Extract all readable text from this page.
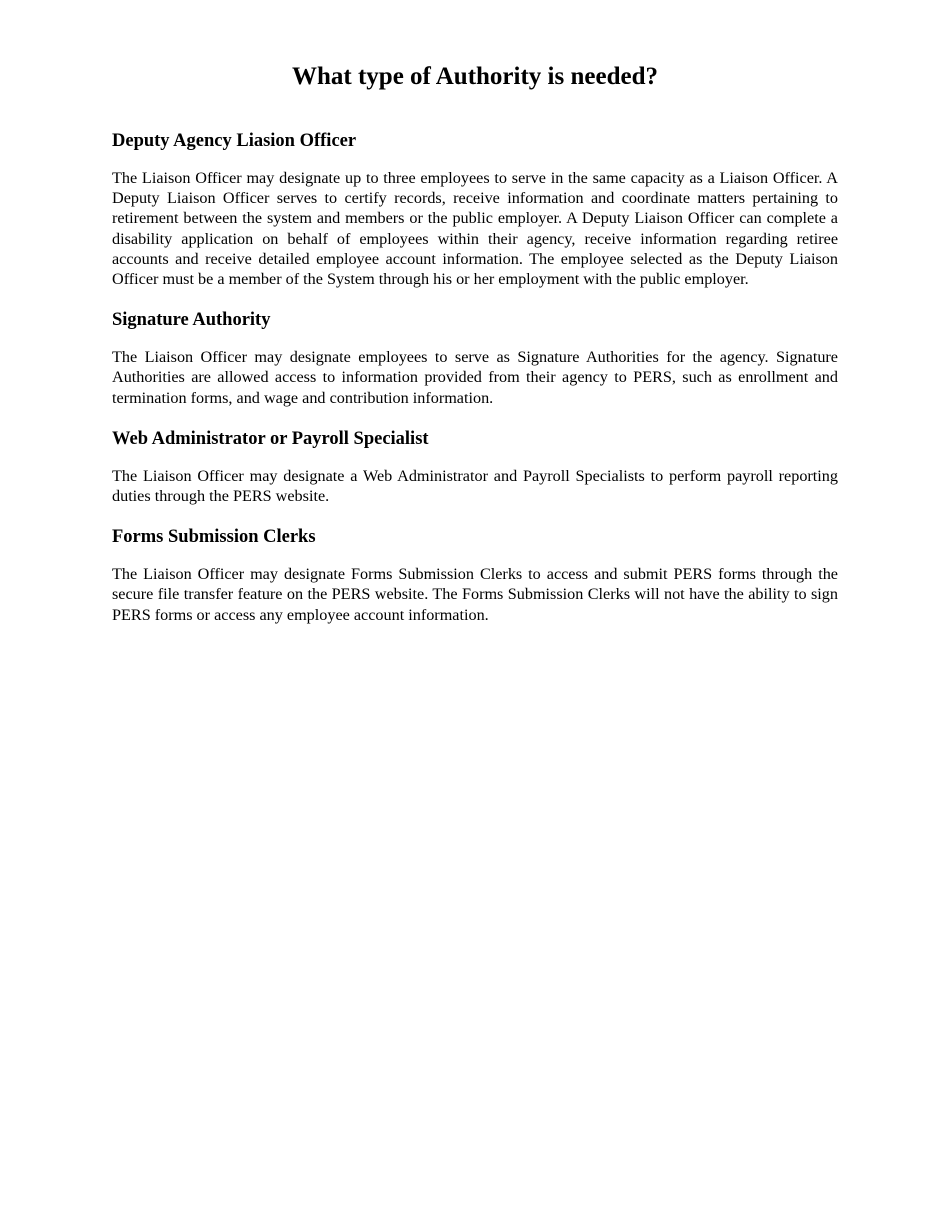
What type of Authority is needed?
Deputy Agency Liasion Officer

The Liaison Officer may designate up to three employees to serve in the same capacity as a Liaison Officer. A Deputy Liaison Officer serves to certify records, receive information and coordinate matters pertaining to retirement between the system and members or the public employer. A Deputy Liaison Officer can complete a disability application on behalf of employees within their agency, receive information regarding retiree accounts and receive detailed employee account information. The employee selected as the Deputy Liaison Officer must be a member of the System through his or her employment with the public employer.

Signature Authority

The Liaison Officer may designate employees to serve as Signature Authorities for the agency. Signature Authorities are allowed access to information provided from their agency to PERS, such as enrollment and termination forms, and wage and contribution information.

Web Administrator or Payroll Specialist

The Liaison Officer may designate a Web Administrator and Payroll Specialists to perform payroll reporting duties through the PERS website.

Forms Submission Clerks

The Liaison Officer may designate Forms Submission Clerks to access and submit PERS forms through the secure file transfer feature on the PERS website. The Forms Submission Clerks will not have the ability to sign PERS forms or access any employee account information.
